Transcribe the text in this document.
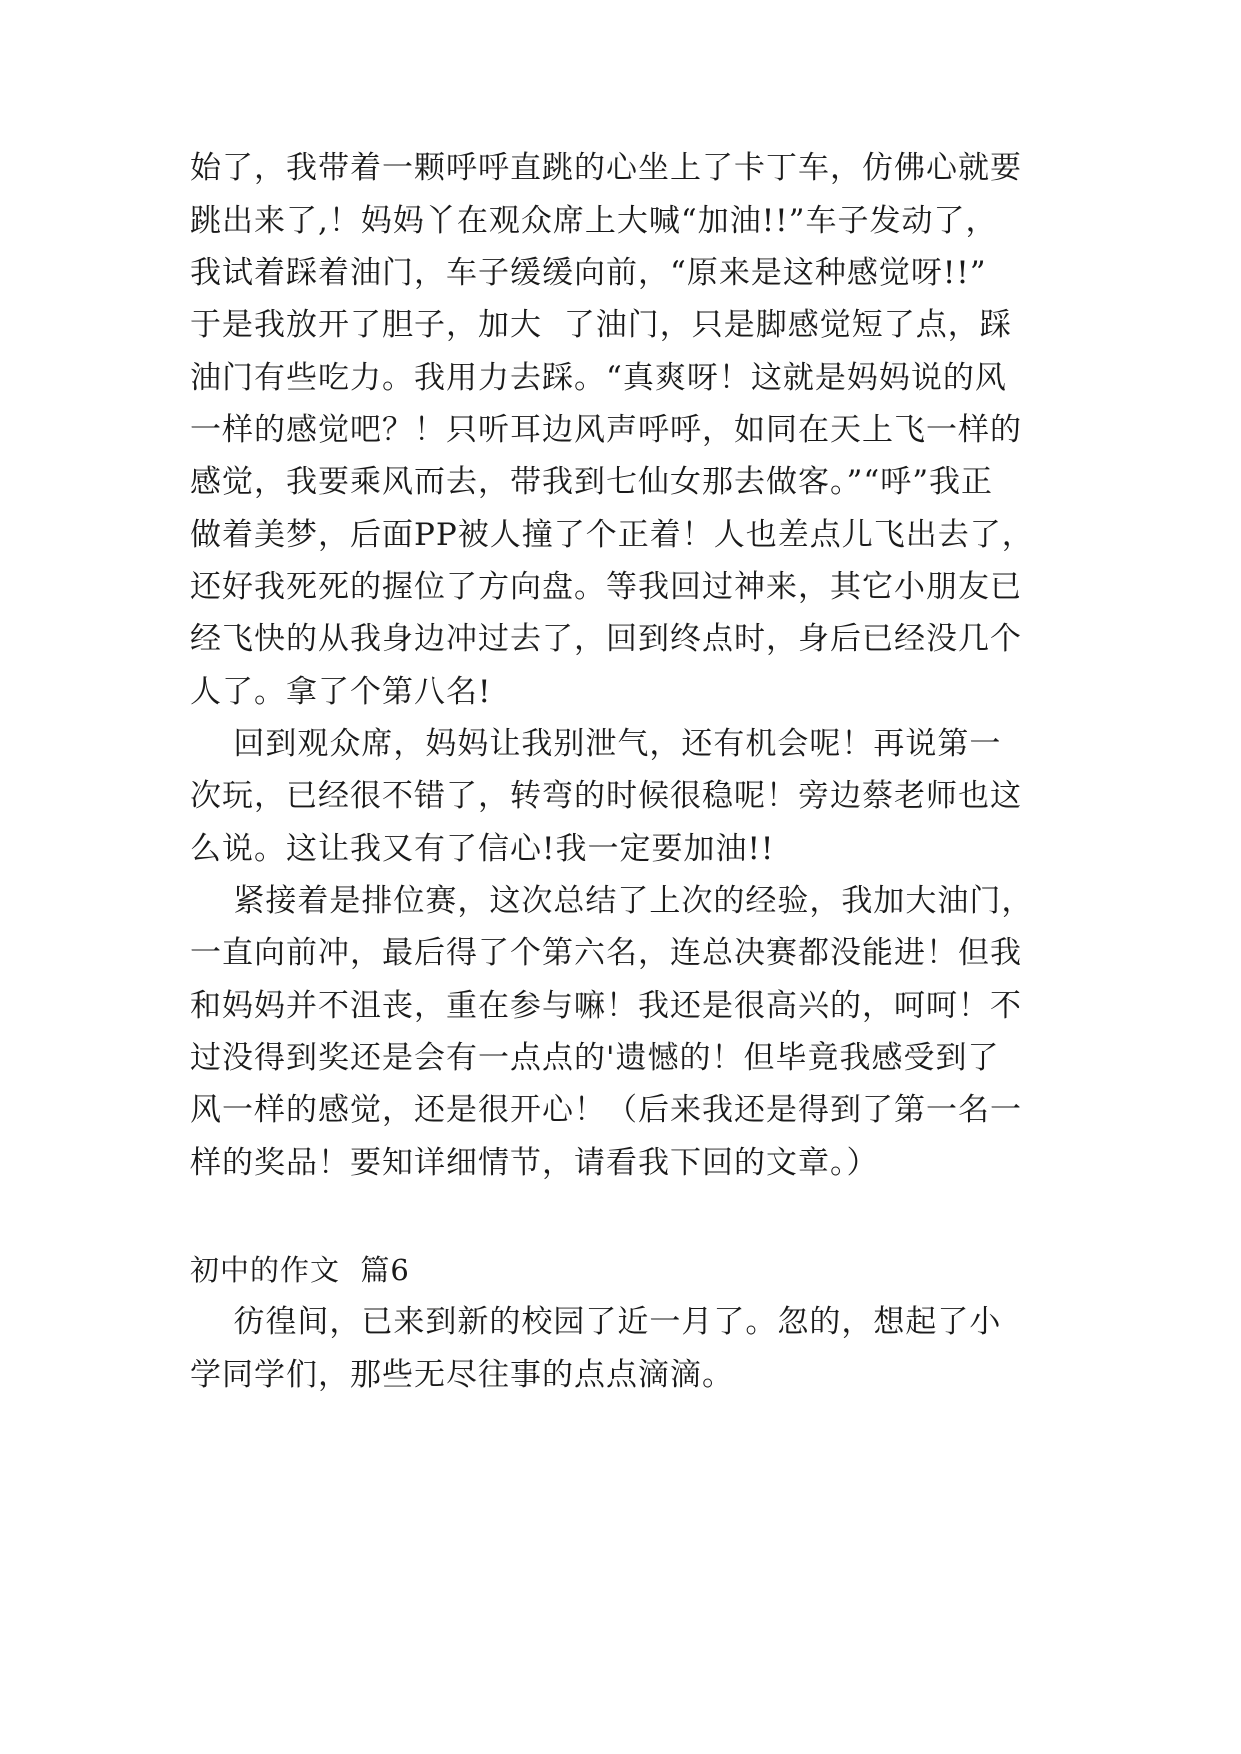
始了，我带着一颗呼呼直跳的心坐上了卡丁车，仿佛心就要
跳出来了,！妈妈丫在观众席上大喊“加油!!”车子发动了，
我试着踩着油门，车子缓缓向前，“原来是这种感觉呀!!”
于是我放开了胆子，加大  了油门，只是脚感觉短了点，踩
油门有些吃力。我用力去踩。“真爽呀！这就是妈妈说的风
一样的感觉吧？！只听耳边风声呼呼，如同在天上飞一样的
感觉，我要乘风而去，带我到七仙女那去做客。”“呼”我正
做着美梦，后面PP被人撞了个正着！人也差点儿飞出去了，
还好我死死的握位了方向盘。等我回过神来，其它小朋友已
经飞快的从我身边冲过去了，回到终点时，身后已经没几个
人了。拿了个第八名!
回到观众席，妈妈让我别泄气，还有机会呢！再说第一
次玩，已经很不错了，转弯的时候很稳呢！旁边蔡老师也这
么说。这让我又有了信心!我一定要加油!!
紧接着是排位赛，这次总结了上次的经验，我加大油门，
一直向前冲，最后得了个第六名，连总决赛都没能进！但我
和妈妈并不沮丧，重在参与嘛！我还是很高兴的，呵呵！不
过没得到奖还是会有一点点的'遗憾的！但毕竟我感受到了
风一样的感觉，还是很开心！（后来我还是得到了第一名一
样的奖品！要知详细情节，请看我下回的文章。）
初中的作文  篇6
彷徨间，已来到新的校园了近一月了。忽的，想起了小
学同学们，那些无尽往事的点点滴滴。
